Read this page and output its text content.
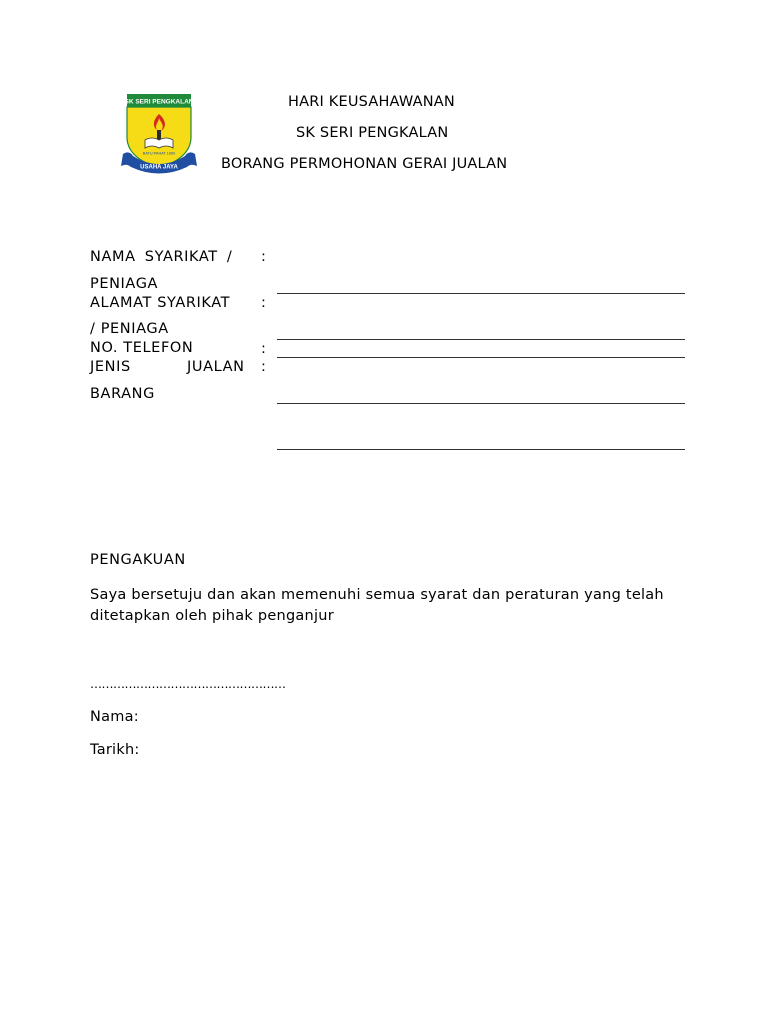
SK SERI PENGKALAN
BATU PAHAT 1969
USAHA JAYA
HARI KEUSAHAWANAN
SK SERI PENGKALAN
BORANG PERMOHONAN GERAI JUALAN
NAMA SYARIKAT / :
PENIAGA
ALAMAT SYARIKAT :
/ PENIAGA
NO. TELEFON	:
JENIS	JUALAN :
BARANG
PENGAKUAN
Saya bersetuju dan akan memenuhi semua syarat dan peraturan yang telah
ditetapkan oleh pihak penganjur
……………………………………………
Nama:
Tarikh:
